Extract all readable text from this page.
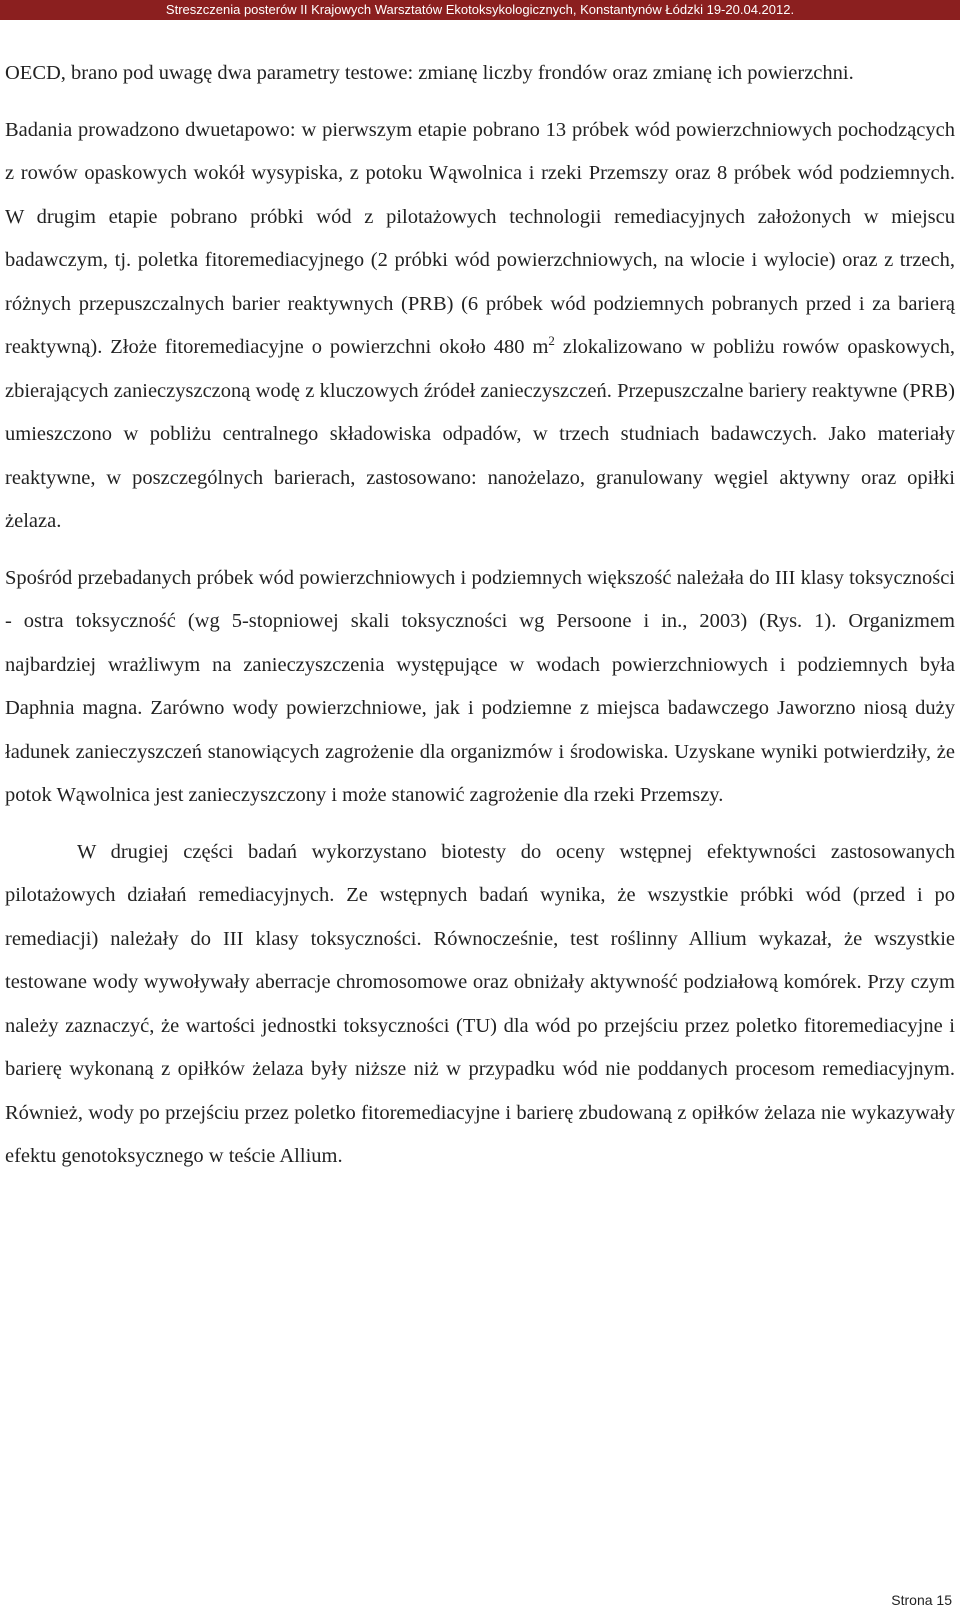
Streszczenia posterów II Krajowych Warsztatów Ekotoksykologicznych, Konstantynów Łódzki 19-20.04.2012.

OECD, brano pod uwagę dwa parametry testowe: zmianę liczby frondów oraz zmianę ich powierzchni.

Badania prowadzono dwuetapowo: w pierwszym etapie pobrano 13 próbek wód powierzchniowych pochodzących z rowów opaskowych wokół wysypiska, z potoku Wąwolnica i rzeki Przemszy oraz 8 próbek wód podziemnych. W drugim etapie pobrano próbki wód z pilotażowych technologii remediacyjnych założonych w miejscu badawczym, tj. poletka fitoremediacyjnego (2 próbki wód powierzchniowych, na wlocie i wylocie) oraz z trzech, różnych przepuszczalnych barier reaktywnych (PRB) (6 próbek wód podziemnych pobranych przed i za barierą reaktywną). Złoże fitoremediacyjne o powierzchni około 480 $m^2$ zlokalizowano w pobliżu rowów opaskowych, zbierających zanieczyszczoną wodę z kluczowych źródeł zanieczyszczeń. Przepuszczalne bariery reaktywne (PRB) umieszczono w pobliżu centralnego składowiska odpadów, w trzech studniach badawczych. Jako materiały reaktywne, w poszczególnych barierach, zastosowano: nanożelazo, granulowany węgiel aktywny oraz opiłki żelaza.

Spośród przebadanych próbek wód powierzchniowych i podziemnych większość należała do III klasy toksyczności - ostra toksyczność (wg 5-stopniowej skali toksyczności wg Persoone i in., 2003) (Rys. 1). Organizmem najbardziej wrażliwym na zanieczyszczenia występujące w wodach powierzchniowych i podziemnych była Daphnia magna. Zarówno wody powierzchniowe, jak i podziemne z miejsca badawczego Jaworzno niosą duży ładunek zanieczyszczeń stanowiących zagrożenie dla organizmów i środowiska. Uzyskane wyniki potwierdziły, że potok Wąwolnica jest zanieczyszczony i może stanowić zagrożenie dla rzeki Przemszy.

W drugiej części badań wykorzystano biotesty do oceny wstępnej efektywności zastosowanych pilotażowych działań remediacyjnych. Ze wstępnych badań wynika, że wszystkie próbki wód (przed i po remediacji) należały do III klasy toksyczności. Równocześnie, test roślinny Allium wykazał, że wszystkie testowane wody wywoływały aberracje chromosomowe oraz obniżały aktywność podziałową komórek. Przy czym należy zaznaczyć, że wartości jednostki toksyczności (TU) dla wód po przejściu przez poletko fitoremediacyjne i barierę wykonaną z opiłków żelaza były niższe niż w przypadku wód nie poddanych procesom remediacyjnym. Również, wody po przejściu przez poletko fitoremediacyjne i barierę zbudowaną z opiłków żelaza nie wykazywały efektu genotoksycznego w teście Allium.

Strona 15
